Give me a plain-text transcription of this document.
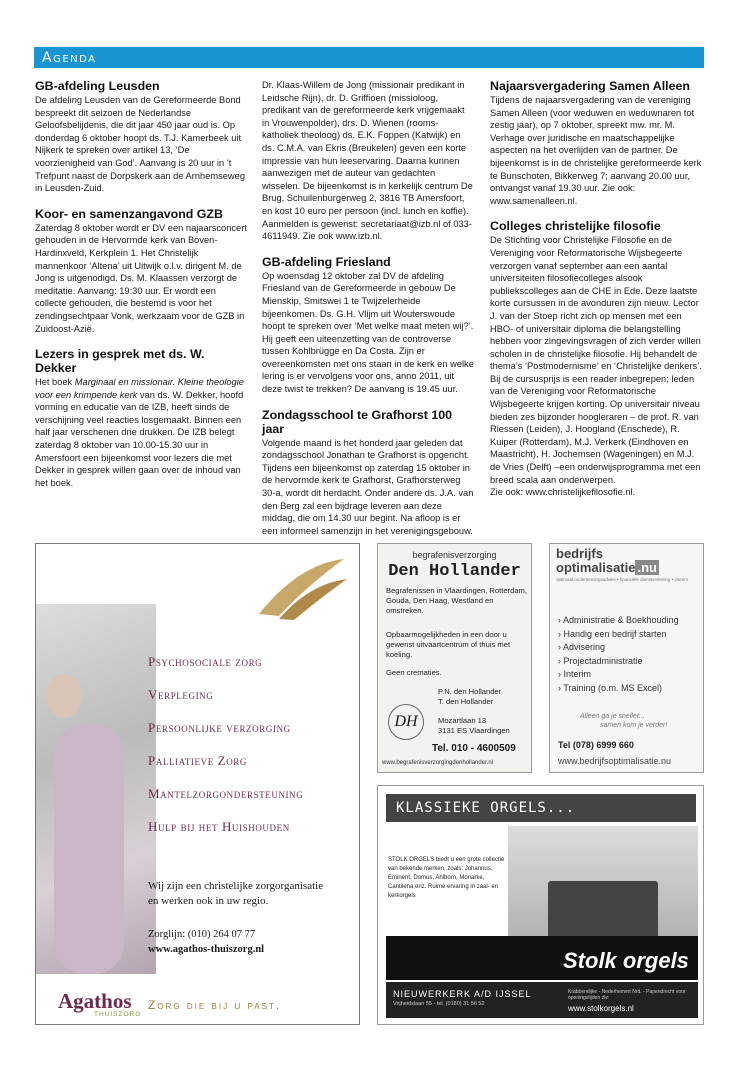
Agenda
GB-afdeling Leusden

De afdeling Leusden van de Gereformeerde Bond bespreekt dit seizoen de Nederlandse Geloofsbelijdenis, die dit jaar 450 jaar oud is. Op donderdag 6 oktober hoopt ds. T.J. Kamerbeek uit Nijkerk te spreken over artikel 13, ‘De voorzienigheid van God’. Aanvang is 20 uur in ’t Trefpunt naast de Dorpskerk aan de Arnhemseweg in Leusden-Zuid.

Koor- en samenzangavond GZB

Zaterdag 8 oktober wordt er DV een najaarsconcert gehouden in de Hervormde kerk van Boven-Hardinxveld, Kerkplein 1. Het Christelijk mannenkoor ‘Altena’ uit Uitwijk o.l.v. dirigent M. de Jong is uitgenodigd. Ds. M. Klaassen verzorgt de meditatie. Aanvang: 19:30 uur. Er wordt een collecte gehouden, die bestemd is voor het zendingsechtpaar Vonk, werkzaam voor de GZB in Zuidoost-Azië.

Lezers in gesprek met ds. W. Dekker

Het boek Marginaal en missionair. Kleine theologie voor een krimpende kerk van ds. W. Dekker, hoofd vorming en educatie van de IZB, heeft sinds de verschijning veel reacties losgemaakt. Binnen een half jaar verschenen drie drukken. De IZB belegt zaterdag 8 oktober van 10.00-15.30 uur in Amersfoort een bijeenkomst voor lezers die met Dekker in gesprek willen gaan over de inhoud van het boek.

Dr. Klaas-Willem de Jong (missionair predikant in Leidsche Rijn), dr. D. Griffioen (missioloog, predikant van de gereformeerde kerk vrijgemaakt in Vrouwenpolder), drs. D. Wienen (rooms-katholiek theoloog) ds. E.K. Foppen (Katwijk) en ds. C.M.A. van Ekris (Breukelen) geven een korte impressie van hun leeservaring. Daarna kunnen aanwezigen met de auteur van gedachten wisselen. De bijeenkomst is in kerkelijk centrum De Brug, Schuilenburgerweg 2, 3816 TB Amersfoort, en kost 10 euro per persoon (incl. lunch en koffie). Aanmelden is gewenst: secretariaat@izb.nl of 033-4611949. Zie ook www.izb.nl.

GB-afdeling Friesland

Op woensdag 12 oktober zal DV de afdeling Friesland van de Gereformeerde in gebouw De Mienskip, Smitswei 1 te Twijzelerheide bijeenkomen. Ds. G.H. Vlijm uit Wouterswoude hoopt te spreken over ‘Met welke maat meten wij?’. Hij geeft een uiteenzetting van de controverse tussen Kohlbrügge en Da Costa. Zijn er overeenkomsten met ons staan in de kerk en welke lering is er vervolgens voor ons, anno 2011, uit deze twist te trekken? De aanvang is 19.45 uur.

Zondagsschool te Grafhorst 100 jaar

Volgende maand is het honderd jaar geleden dat zondagsschool Jonathan te Grafhorst is opgericht. Tijdens een bijeenkomst op zaterdag 15 oktober in de hervormde kerk te Grafhorst, Grafhorsterweg 30-a, wordt dit herdacht. Onder andere ds. J.A. van den Berg zal een bijdrage leveren aan deze middag, die om 14.30 uur begint. Na afloop is er een informeel samenzijn in het verenigingsgebouw.

Najaarsvergadering Samen Alleen

Tijdens de najaarsvergadering van de vereniging Samen Alleen (voor weduwen en weduwnaren tot zestig jaar), op 7 oktober, spreekt mw. mr. M. Verhage over juridische en maatschappelijke aspecten na het overlijden van de partner. De bijeenkomst is in de christelijke gereformeerde kerk te Bunschoten, Bikkerweg 7; aanvang 20.00 uur, ontvangst vanaf 19.30 uur. Zie ook: www.samenalleen.nl.

Colleges christelijke filosofie

De Stichting voor Christelijke Filosofie en de Vereniging voor Reformatorische Wijsbegeerte verzorgen vanaf september aan een aantal universiteiten filosofiecolleges alsook publiekscolleges aan de CHE in Ede. Deze laatste korte cursussen in de avonduren zijn nieuw. Lector J. van der Stoep richt zich op mensen met een HBO- of universitair diploma die belangstelling hebben voor zingevingsvragen of zich verder willen scholen in de christelijke filosofie. Hij behandelt de thema’s ‘Postmodernisme’ en ‘Christelijke denkers’. Bij de cursusprijs is een reader inbegrepen; leden van de Vereniging voor Reformatorische Wijsbegeerte krijgen korting. Op universitair niveau bieden zes bijzonder hoogleraren – de prof. R. van Riessen (Leiden), J. Hoogland (Enschede), R. Kuiper (Rotterdam), M.J. Verkerk (Eindhoven en Maastricht), H. Jochemsen (Wageningen) en M.J. de Vries (Delft) –een onderwijsprogramma met een breed scala aan onderwerpen.

Zie ook: www.christelijkefilosofie.nl.

Psychosociale zorg
Verpleging
Persoonlijke verzorging
Palliatieve Zorg
Mantelzorgondersteuning
Hulp bij het Huishouden
Wij zijn een christelijke zorgorganisatie
en werken ook in uw regio.
Zorglijn: (010) 264 07 77
www.agathos-thuiszorg.nl
Agathos
THUISZORG
Zorg die bij u past.
begrafenisverzorging
Den Hollander
Begrafenissen in Vlaardingen, Rotterdam, Gouda, Den Haag, Westland en omstreken.
Opbaarmogelijkheden in een door u gewenst uitvaartcentrum of thuis met koeling.
Geen crematies.
DH
P.N. den Hollander
T. den Hollander
Mozartlaan 13
3131 ES Vlaardingen
Tel. 010 - 4600509
www.begrafenisverzorgingdenhollander.nl
bedrijfs
optimalisatie .nu
optimaal ondernemingsadvies • financiële dienstverlening • interim
› Administratie & Boekhouding
› Handig een bedrijf starten
› Advisering
› Projectadministratie
› Interim
› Training (o.m. MS Excel)
Alleen ga je sneller...
samen kom je verder!
Tel (078) 6999 660
www.bedrijfsoptimalisatie.nu
KLASSIEKE ORGELS...
STOLK ORGELS biedt u een grote collectie van bekende merken, zoals: Johannus, Eminent, Domus, Ahlborn, Monarke, Cantilena enz. Ruime ervaring in zaal- en kerkorgels
Stolk orgels
NIEUWERKERK A/D IJSSEL
Vrijheidslaan 55 - tel. (0180) 31 56 52
Krabbendijke - Nederhemert Nrd. - Papendrecht voor openingstijden zie:
www.stolkorgels.nl
